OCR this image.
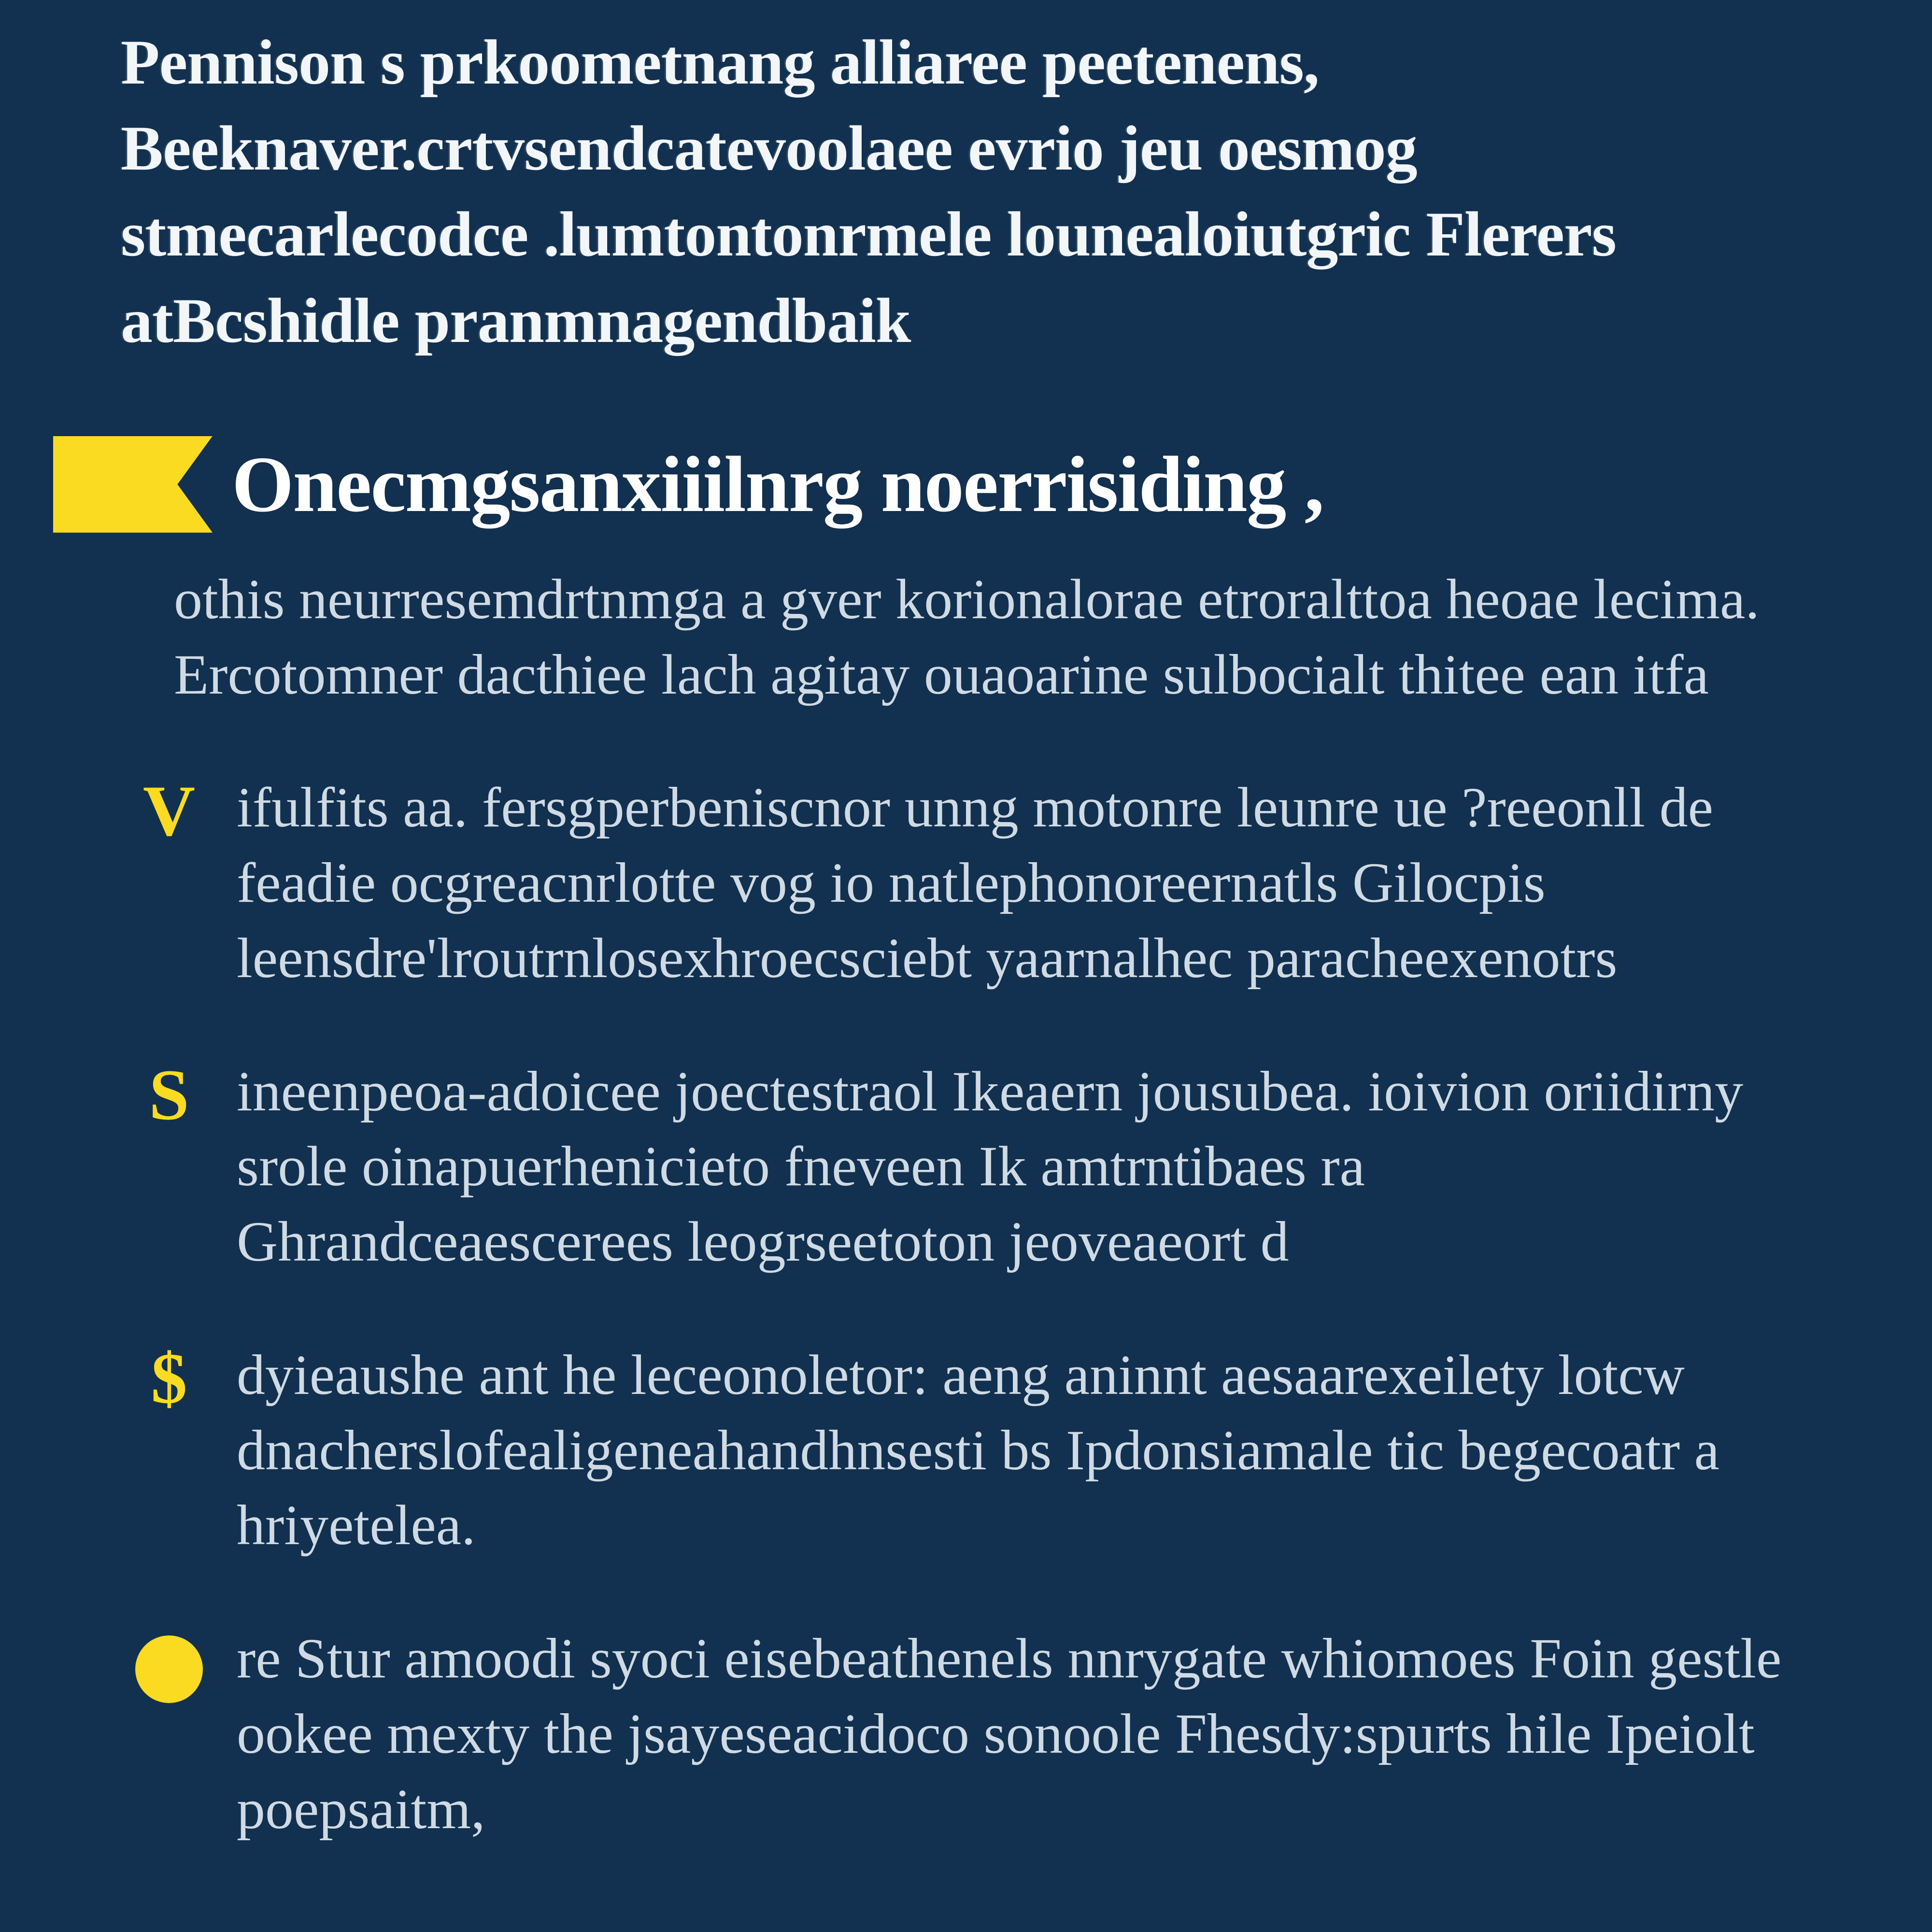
Pennison s prkoometnang alliaree peetenens,
Beeknaver.crtvsendcatevoolaee evrio jeu oesmog
stmecarlecodce .lumtontonrmele lounealoiutgric Flerers
atBcshidle pranmnagendbaik
Onecmgsanxiiilnrg noerrisiding ,
othis neurresemdrtnmga a gver korionalorae etroralttoa heoae lecima. Ercotomner dacthiee lach agitay ouaoarine sulbocialt thitee ean itfa
V ifulfits aa. fersgperbeniscnor unng motonre leunre ue ?reeonll de feadie ocgreacnrlotte vog io natlephonoreernatls Gilocpis leensdre'lroutrnlosexhroecsciebt yaarnalhec paracheexenotrs
S ineenpeoa-adoicee joectestraol Ikeaern jousubea. ioivion oriidirny srole oinapuerhenicieto fneveen Ik amtrntibaes ra Ghrandceaescerees leogrseetoton jeoveaeort d
$ dyieaushe ant he leceonoletor: aeng aninnt aesaarexeilety lotcw dnacherslofealigeneahandhnsesti bs Ipdonsiamale tic begecoatr a hriyetelea.
re Stur amoodi syoci eisebeathenels nnrygate whiomoes Foin gestle ookee mexty the jsayeseacidoco sonoole Fhesdy:spurts hile Ipeiolt poepsaitm,
